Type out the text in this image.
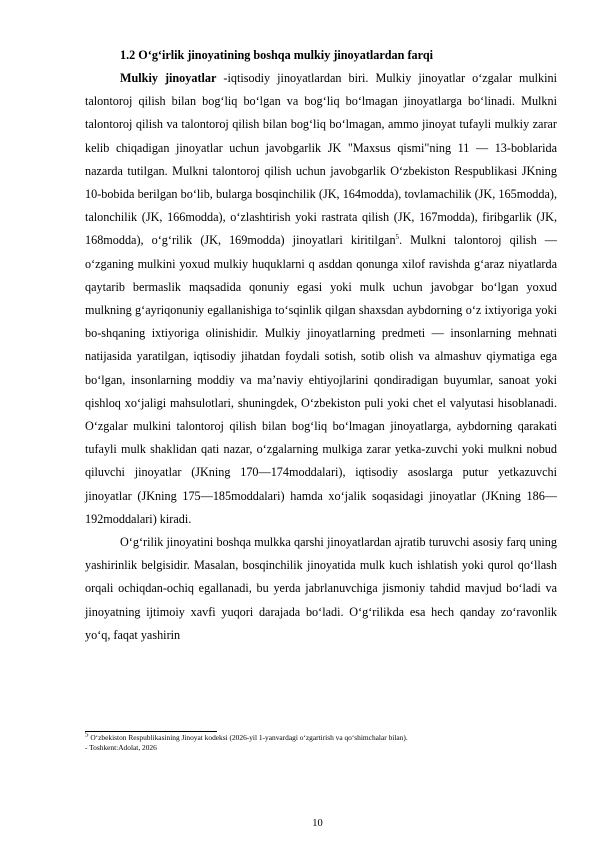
1.2 O‘g‘irlik jinoyatining boshqa mulkiy jinoyatlardan farqi

Mulkiy jinoyatlar -iqtisodiy jinoyatlardan biri. Mulkiy jinoyatlar o‘zgalar mulkini talontoroj qilish bilan bog‘liq bo‘lgan va bog‘liq bo‘lmagan jinoyatlarga bo‘linadi. Mulkni talontoroj qilish va talontoroj qilish bilan bog‘liq bo‘lmagan, ammo jinoyat tufayli mulkiy zarar kelib chiqadigan jinoyatlar uchun javobgarlik JK "Maxsus qismi"ning 11 — 13-boblarida nazarda tutilgan. Mulkni talontoroj qilish uchun javobgarlik O‘zbekiston Respublikasi JKning 10-bobida berilgan bo‘lib, bularga bosqinchilik (JK, 164modda), tovlamachilik (JK, 165modda), talonchilik (JK, 166modda), o‘zlashtirish yoki rastrata qilish (JK, 167modda), firibgarlik (JK, 168modda), o‘g‘rilik (JK, 169modda) jinoyatlari kiritilgan$^5$. Mulkni talontoroj qilish — o‘zganing mulkini yoxud mulkiy huquklarni q asddan qonunga xilof ravishda g‘araz niyatlarda qaytarib bermaslik maqsadida qonuniy egasi yoki mulk uchun javobgar bo‘lgan yoxud mulkning g‘ayriqonuniy egallanishiga to‘sqinlik qilgan shaxsdan aybdorning o‘z ixtiyoriga yoki bo-shqaning ixtiyoriga olinishidir. Mulkiy jinoyatlarning predmeti — insonlarning mehnati natijasida yaratilgan, iqtisodiy jihatdan foydali sotish, sotib olish va almashuv qiymatiga ega bo‘lgan, insonlarning moddiy va ma’naviy ehtiyojlarini qondiradigan buyumlar, sanoat yoki qishloq xo‘jaligi mahsulotlari, shuningdek, O‘zbekiston puli yoki chet el valyutasi hisoblanadi. O‘zgalar mulkini talontoroj qilish bilan bog‘liq bo‘lmagan jinoyatlarga, aybdorning qarakati tufayli mulk shaklidan qati nazar, o‘zgalarning mulkiga zarar yetka-zuvchi yoki mulkni nobud qiluvchi jinoyatlar (JKning 170—174moddalari), iqtisodiy asoslarga putur yetkazuvchi jinoyatlar (JKning 175—185moddalari) hamda xo‘jalik soqasidagi jinoyatlar (JKning 186—192moddalari) kiradi.

O‘g‘rilik jinoyatini boshqa mulkka qarshi jinoyatlardan ajratib turuvchi asosiy farq uning yashirinlik belgisidir. Masalan, bosqinchilik jinoyatida mulk kuch ishlatish yoki qurol qo‘llash orqali ochiqdan-ochiq egallanadi, bu yerda jabrlanuvchiga jismoniy tahdid mavjud bo‘ladi va jinoyatning ijtimoiy xavfi yuqori darajada bo‘ladi. O‘g‘rilikda esa hech qanday zo‘ravonlik yo‘q, faqat yashirin

$^5$ O‘zbekiston Respublikasining Jinoyat kodeksi (2026-yil 1-yanvardagi o‘zgartirish va qo‘shimchalar bilan).
- Toshkent:Adolat, 2026
10
